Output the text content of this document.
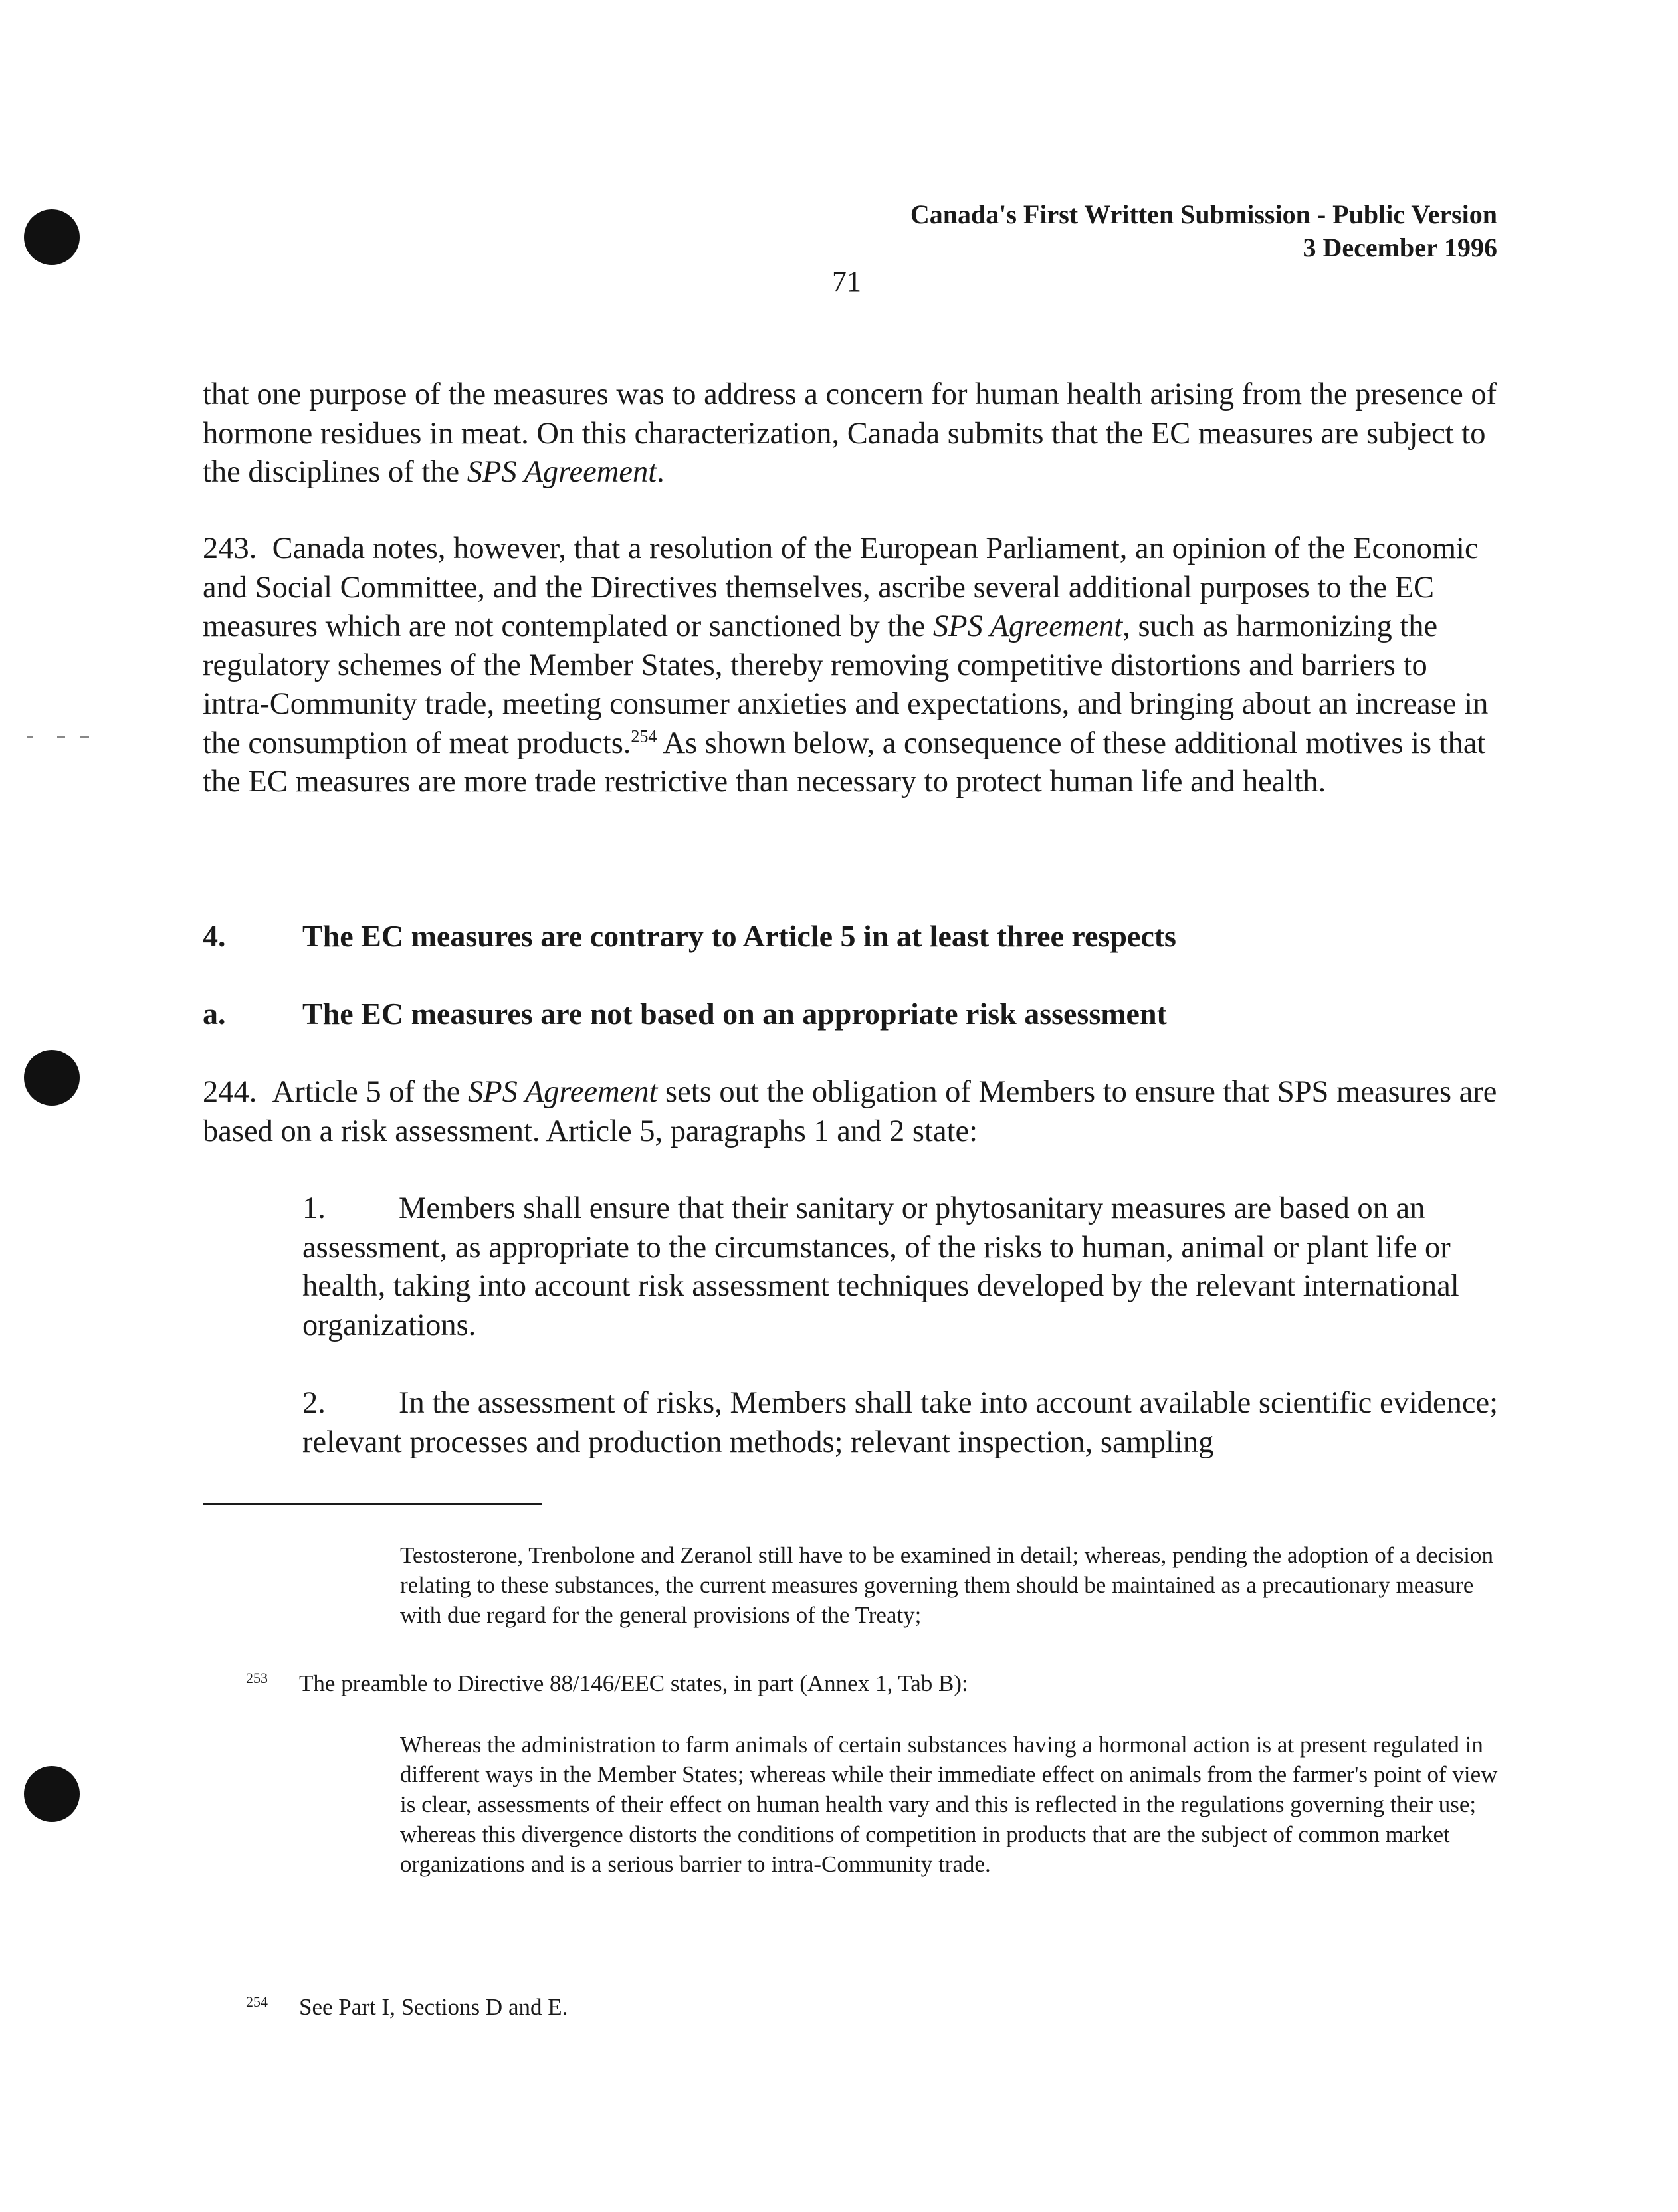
Canada's First Written Submission - Public Version
3 December 1996
71

that one purpose of the measures was to address a concern for human health arising from the presence of hormone residues in meat. On this characterization, Canada submits that the EC measures are subject to the disciplines of the SPS Agreement.

243. Canada notes, however, that a resolution of the European Parliament, an opinion of the Economic and Social Committee, and the Directives themselves, ascribe several additional purposes to the EC measures which are not contemplated or sanctioned by the SPS Agreement, such as harmonizing the regulatory schemes of the Member States, thereby removing competitive distortions and barriers to intra-Community trade, meeting consumer anxieties and expectations, and bringing about an increase in the consumption of meat products.$^{254}$ As shown below, a consequence of these additional motives is that the EC measures are more trade restrictive than necessary to protect human life and health.

4.	The EC measures are contrary to Article 5 in at least three respects

a.	The EC measures are not based on an appropriate risk assessment

244. Article 5 of the SPS Agreement sets out the obligation of Members to ensure that SPS measures are based on a risk assessment. Article 5, paragraphs 1 and 2 state:

1. Members shall ensure that their sanitary or phytosanitary measures are based on an assessment, as appropriate to the circumstances, of the risks to human, animal or plant life or health, taking into account risk assessment techniques developed by the relevant international organizations.

2. In the assessment of risks, Members shall take into account available scientific evidence; relevant processes and production methods; relevant inspection, sampling

Testosterone, Trenbolone and Zeranol still have to be examined in detail; whereas, pending the adoption of a decision relating to these substances, the current measures governing them should be maintained as a precautionary measure with due regard for the general provisions of the Treaty;

253 The preamble to Directive 88/146/EEC states, in part (Annex 1, Tab B):

Whereas the administration to farm animals of certain substances having a hormonal action is at present regulated in different ways in the Member States; whereas while their immediate effect on animals from the farmer's point of view is clear, assessments of their effect on human health vary and this is reflected in the regulations governing their use; whereas this divergence distorts the conditions of competition in products that are the subject of common market organizations and is a serious barrier to intra-Community trade.

254 See Part I, Sections D and E.
